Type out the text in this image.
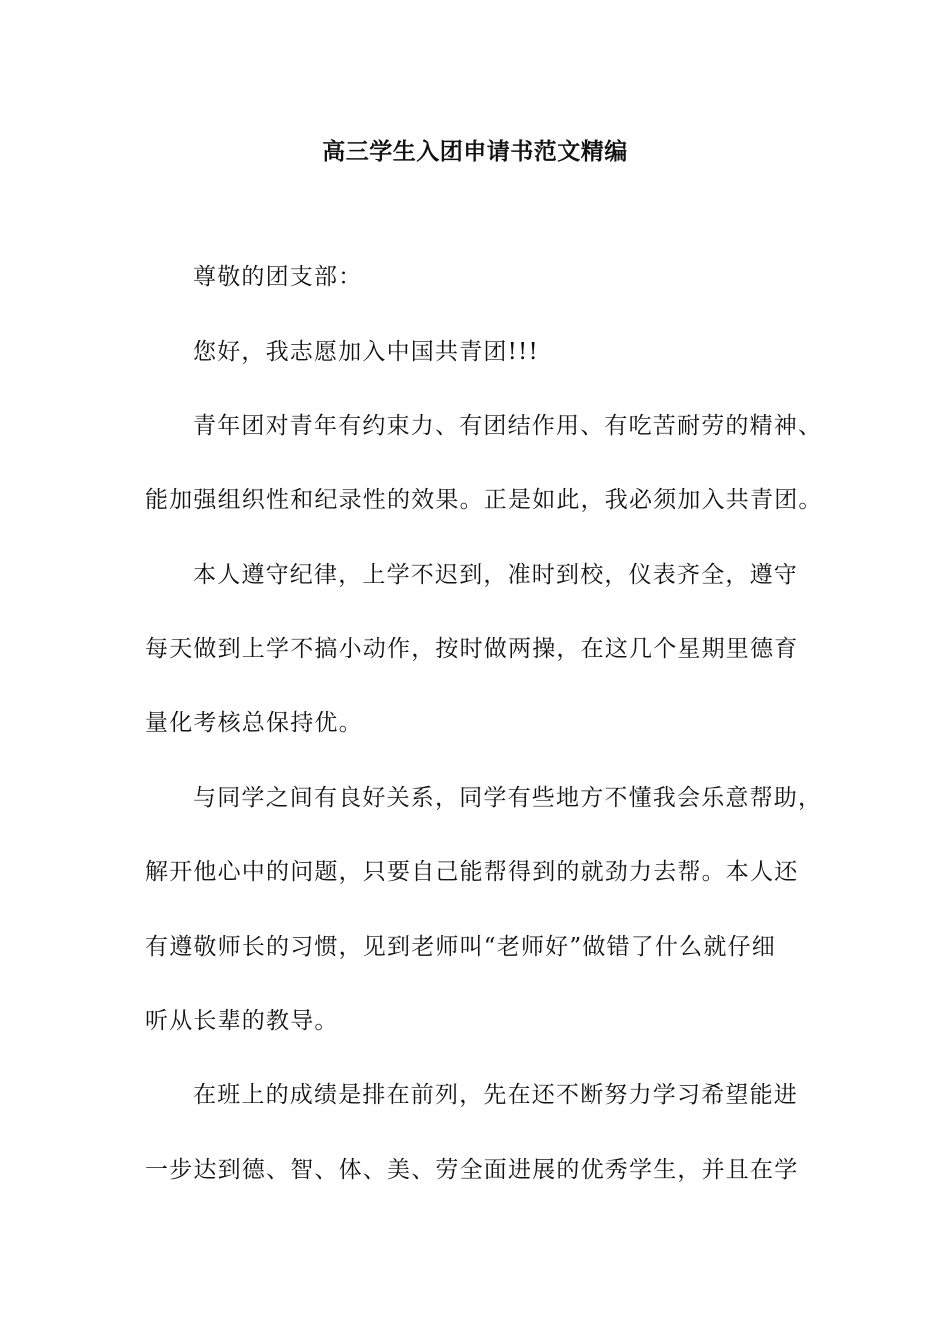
高三学生入团申请书范文精编
尊敬的团支部：
您好，我志愿加入中国共青团!!!
青年团对青年有约束力、有团结作用、有吃苦耐劳的精神、
能加强组织性和纪录性的效果。正是如此，我必须加入共青团。
本人遵守纪律，上学不迟到，准时到校，仪表齐全，遵守
每天做到上学不搞小动作，按时做两操，在这几个星期里德育
量化考核总保持优。
与同学之间有良好关系，同学有些地方不懂我会乐意帮助，
解开他心中的问题，只要自己能帮得到的就劲力去帮。本人还
有遵敬师长的习惯，见到老师叫“老师好”做错了什么就仔细
听从长辈的教导。
在班上的成绩是排在前列，先在还不断努力学习希望能进
一步达到德、智、体、美、劳全面进展的优秀学生，并且在学
